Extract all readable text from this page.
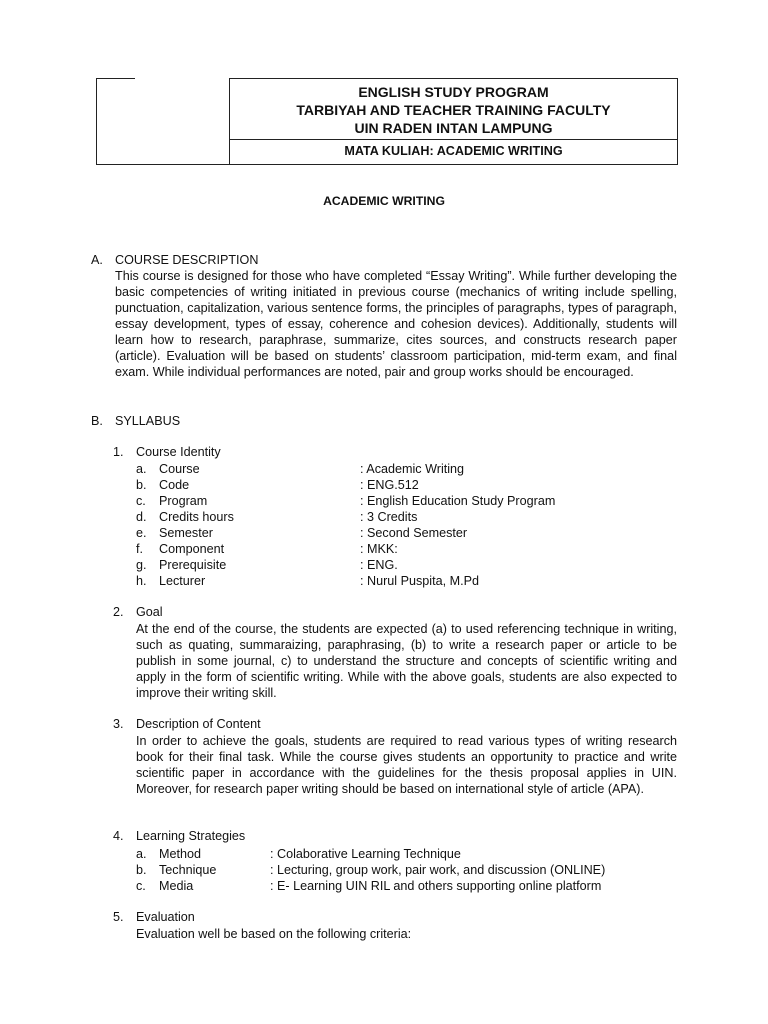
ENGLISH STUDY PROGRAM
TARBIYAH AND TEACHER TRAINING FACULTY
UIN RADEN INTAN LAMPUNG
MATA KULIAH: ACADEMIC WRITING
ACADEMIC WRITING
A. COURSE DESCRIPTION
This course is designed for those who have completed “Essay Writing”. While further developing the basic competencies of writing initiated in previous course (mechanics of writing include spelling, punctuation, capitalization, various sentence forms, the principles of paragraphs, types of paragraph, essay development, types of essay, coherence and cohesion devices). Additionally, students will learn how to research, paraphrase, summarize, cites sources, and constructs research paper (article). Evaluation will be based on students’ classroom participation, mid-term exam, and final exam. While individual performances are noted, pair and group works should be encouraged.
B. SYLLABUS
1. Course Identity
a. Course	: Academic Writing
b. Code	: ENG.512
c. Program	: English Education Study Program
d. Credits hours	: 3 Credits
e. Semester	: Second Semester
f. Component	: MKK:
g. Prerequisite	: ENG.
h. Lecturer	: Nurul Puspita, M.Pd
2. Goal
At the end of the course, the students are expected (a) to used referencing technique in writing, such as quating, summaraizing, paraphrasing, (b) to write a research paper or article to be publish in some journal, c) to understand the structure and concepts of scientific writing and apply in the form of scientific writing. While with the above goals, students are also expected to improve their writing skill.
3. Description of Content
In order to achieve the goals, students are required to read various types of writing research book for their final task. While the course gives students an opportunity to practice and write scientific paper in accordance with the guidelines for the thesis proposal applies in UIN. Moreover, for research paper writing should be based on international style of article (APA).
4. Learning Strategies
a. Method	: Colaborative Learning Technique
b. Technique	: Lecturing, group work, pair work, and discussion (ONLINE)
c. Media	: E- Learning UIN RIL and others supporting online platform
5. Evaluation
Evaluation well be based on the following criteria:
